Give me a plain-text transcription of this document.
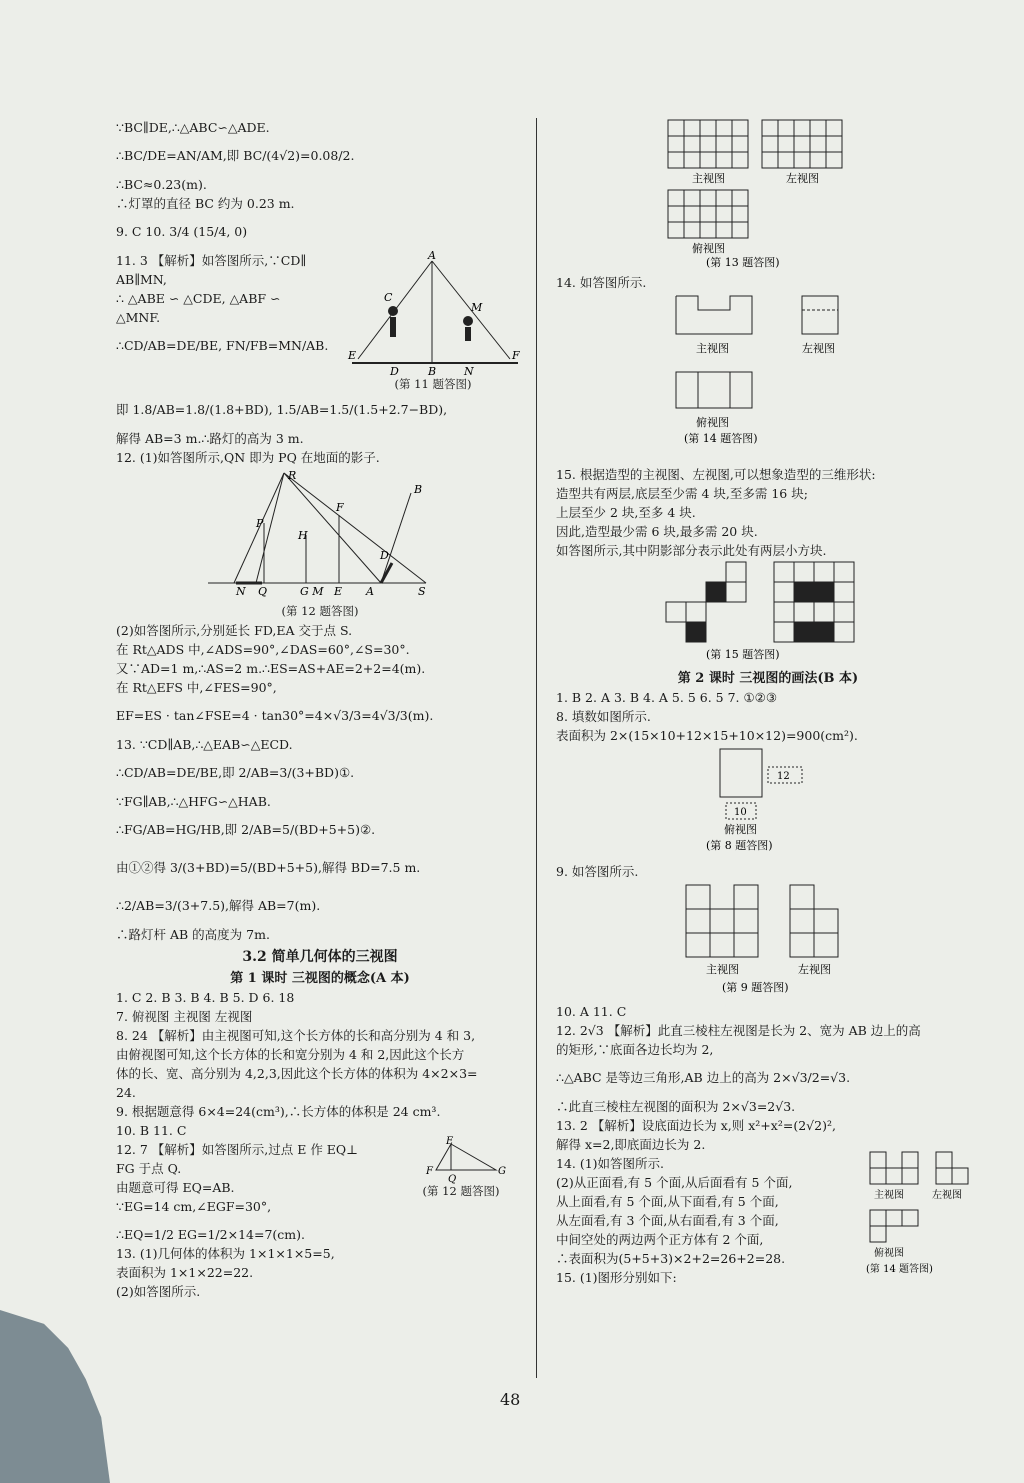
∵BC∥DE,∴△ABC∽△ADE.

∴BC/DE=AN/AM,即 BC/(4√2)=0.08/2.

∴BC≈0.23(m).

∴灯罩的直径 BC 约为 0.23 m.

9. C 10. 3/4 (15/4, 0)

11. 3 【解析】如答图所示,∵CD∥

AB∥MN,

∴ △ABE ∽ △CDE, △ABF ∽

△MNF.

∴CD/AB=DE/BE, FN/FB=MN/AB.

A
C
M
E	F
D	B	N
(第 11 题答图)

即 1.8/AB=1.8/(1.8+BD), 1.5/AB=1.5/(1.5+2.7−BD),

解得 AB=3 m.∴路灯的高为 3 m.

12. (1)如答图所示,QN 即为 PQ 在地面的影子.

R
P
H
F
D
B
N Q	G M E A	S
(第 12 题答图)

(2)如答图所示,分别延长 FD,EA 交于点 S.

在 Rt△ADS 中,∠ADS=90°,∠DAS=60°,∠S=30°.

又∵AD=1 m,∴AS=2 m.∴ES=AS+AE=2+2=4(m).

在 Rt△EFS 中,∠FES=90°,

EF=ES · tan∠FSE=4 · tan30°=4×√3/3=4√3/3(m).

13. ∵CD∥AB,∴△EAB∽△ECD.

∴CD/AB=DE/BE,即 2/AB=3/(3+BD)①.

∵FG∥AB,∴△HFG∽△HAB.

∴FG/AB=HG/HB,即 2/AB=5/(BD+5+5)②.

由①②得 3/(3+BD)=5/(BD+5+5),解得 BD=7.5 m.

∴2/AB=3/(3+7.5),解得 AB=7(m).

∴路灯杆 AB 的高度为 7m.

3.2 简单几何体的三视图
第 1 课时 三视图的概念(A 本)

1. C 2. B 3. B 4. B 5. D 6. 18

7. 俯视图 主视图 左视图

8. 24 【解析】由主视图可知,这个长方体的长和高分别为 4 和 3,

由俯视图可知,这个长方体的长和宽分别为 4 和 2,因此这个长方

体的长、宽、高分别为 4,2,3,因此这个长方体的体积为 4×2×3=

24.

9. 根据题意得 6×4=24(cm³),∴长方体的体积是 24 cm³.

10. B 11. C

12. 7 【解析】如答图所示,过点 E 作 EQ⊥

FG 于点 Q.

由题意可得 EQ=AB.

∵EG=14 cm,∠EGF=30°,

∴EQ=1/2 EG=1/2×14=7(cm).

E
F	G
Q
(第 12 题答图)

13. (1)几何体的体积为 1×1×1×5=5,

表面积为 1×1×22=22.

(2)如答图所示.

主视图	左视图
俯视图
(第 13 题答图)

14. 如答图所示.

主视图	左视图
俯视图
(第 14 题答图)

15. 根据造型的主视图、左视图,可以想象造型的三维形状:

造型共有两层,底层至少需 4 块,至多需 16 块;

上层至少 2 块,至多 4 块.

因此,造型最少需 6 块,最多需 20 块.

如答图所示,其中阴影部分表示此处有两层小方块.

(第 15 题答图)
第 2 课时 三视图的画法(B 本)

1. B 2. A 3. B 4. A 5. 5 6. 5 7. ①②③

8. 填数如图所示.

表面积为 2×(15×10+12×15+10×12)=900(cm²).

12
10
俯视图
(第 8 题答图)

9. 如答图所示.

主视图	左视图
(第 9 题答图)

10. A 11. C

12. 2√3 【解析】此直三棱柱左视图是长为 2、宽为 AB 边上的高

的矩形,∵底面各边长均为 2,

∴△ABC 是等边三角形,AB 边上的高为 2×√3/2=√3.

∴此直三棱柱左视图的面积为 2×√3=2√3.

13. 2 【解析】设底面边长为 x,则 x²+x²=(2√2)²,

解得 x=2,即底面边长为 2.

14. (1)如答图所示.

(2)从正面看,有 5 个面,从后面看有 5 个面,

从上面看,有 5 个面,从下面看,有 5 个面,

从左面看,有 3 个面,从右面看,有 3 个面,

中间空处的两边两个正方体有 2 个面,

∴表面积为(5+5+3)×2+2=26+2=28.

15. (1)图形分别如下:

主视图	左视图
俯视图
(第 14 题答图)
48
